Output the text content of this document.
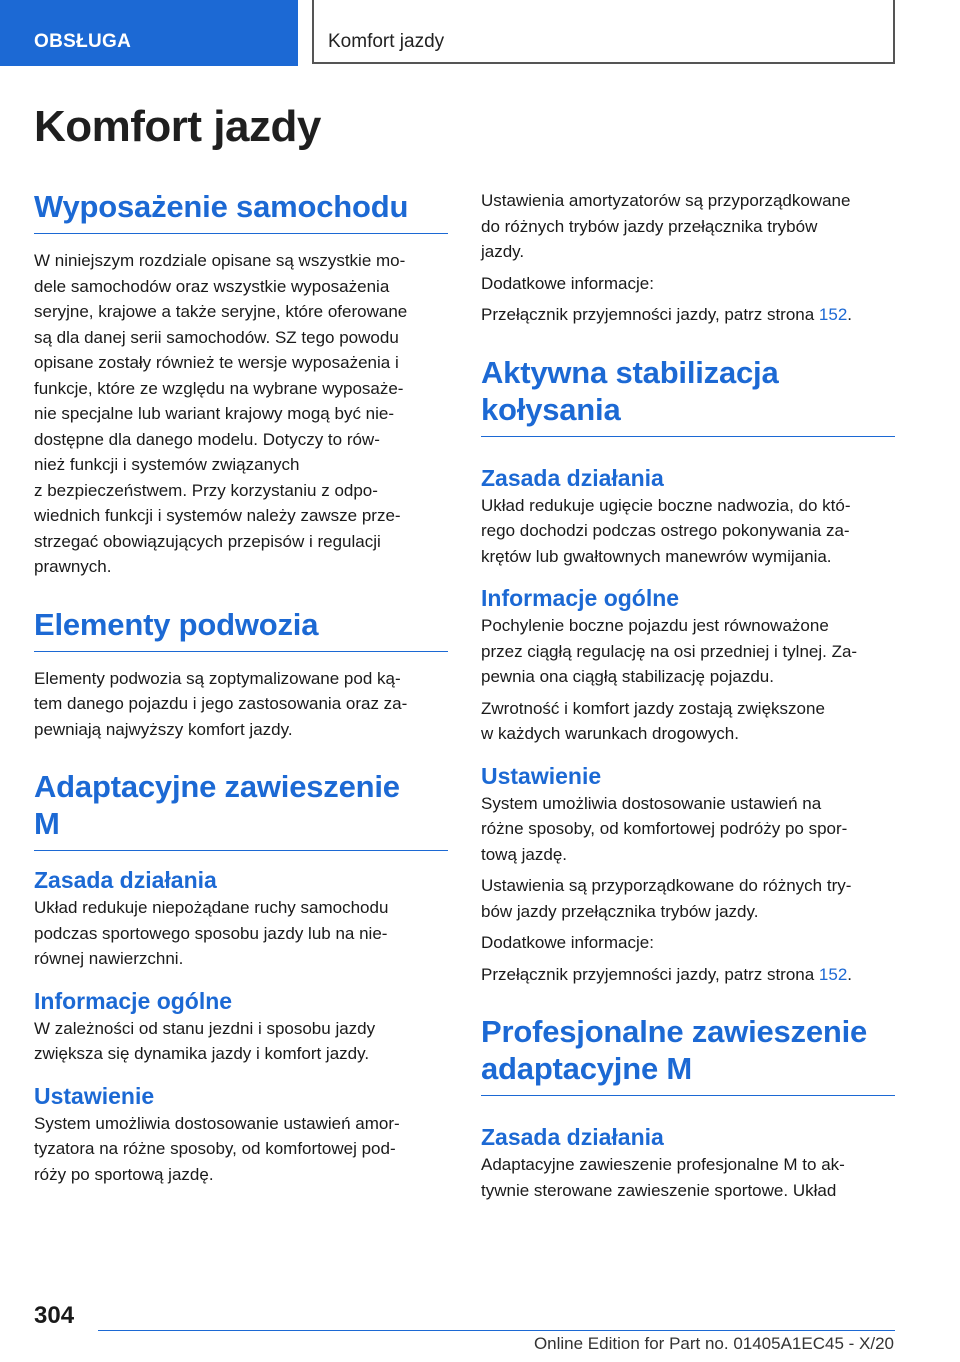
OBSŁUGA	Komfort jazdy
Komfort jazdy
Wyposażenie samochodu

W niniejszym rozdziale opisane są wszystkie mo-

dele samochodów oraz wszystkie wyposażenia

seryjne, krajowe a także seryjne, które oferowane

są dla danej serii samochodów. SZ tego powodu

opisane zostały również te wersje wyposażenia i

funkcje, które ze względu na wybrane wyposaże-

nie specjalne lub wariant krajowy mogą być nie-

dostępne dla danego modelu. Dotyczy to rów-

nież funkcji i systemów związanych

z bezpieczeństwem. Przy korzystaniu z odpo-

wiednich funkcji i systemów należy zawsze prze-

strzegać obowiązujących przepisów i regulacji

prawnych.

Elementy podwozia

Elementy podwozia są zoptymalizowane pod ką-

tem danego pojazdu i jego zastosowania oraz za-

pewniają najwyższy komfort jazdy.

Adaptacyjne zawieszenie
M
Zasada działania

Układ redukuje niepożądane ruchy samochodu

podczas sportowego sposobu jazdy lub na nie-

równej nawierzchni.

Informacje ogólne

W zależności od stanu jezdni i sposobu jazdy

zwiększa się dynamika jazdy i komfort jazdy.

Ustawienie

System umożliwia dostosowanie ustawień amor-

tyzatora na różne sposoby, od komfortowej pod-

róży po sportową jazdę.

Ustawienia amortyzatorów są przyporządkowane

do różnych trybów jazdy przełącznika trybów

jazdy.

Dodatkowe informacje:

Przełącznik przyjemności jazdy, patrz strona 152.

Aktywna stabilizacja
kołysania
Zasada działania

Układ redukuje ugięcie boczne nadwozia, do któ-

rego dochodzi podczas ostrego pokonywania za-

krętów lub gwałtownych manewrów wymijania.

Informacje ogólne

Pochylenie boczne pojazdu jest równoważone

przez ciągłą regulację na osi przedniej i tylnej. Za-

pewnia ona ciągłą stabilizację pojazdu.

Zwrotność i komfort jazdy zostają zwiększone

w każdych warunkach drogowych.

Ustawienie

System umożliwia dostosowanie ustawień na

różne sposoby, od komfortowej podróży po spor-

tową jazdę.

Ustawienia są przyporządkowane do różnych try-

bów jazdy przełącznika trybów jazdy.

Dodatkowe informacje:

Przełącznik przyjemności jazdy, patrz strona 152.

Profesjonalne zawieszenie
adaptacyjne M
Zasada działania

Adaptacyjne zawieszenie profesjonalne M to ak-

tywnie sterowane zawieszenie sportowe. Układ

304
Online Edition for Part no. 01405A1EC45 - X/20
